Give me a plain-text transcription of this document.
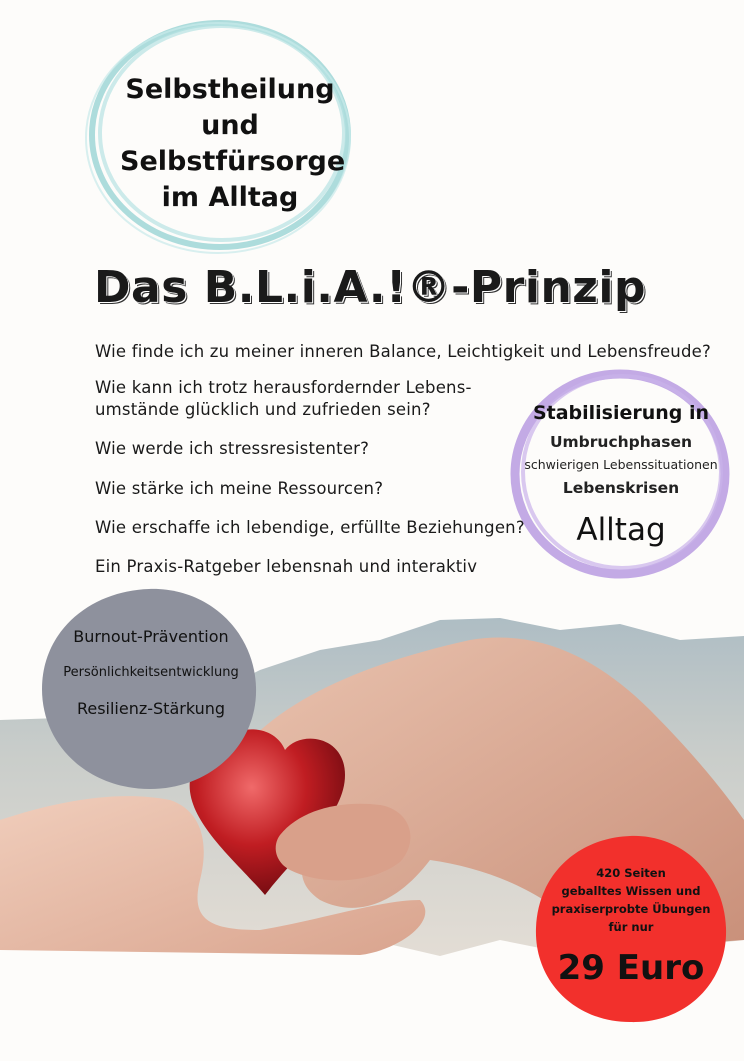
Selbstheilung
und
Selbstfürsorge
im Alltag
Das B.L.i.A.!®-Prinzip
Wie finde ich zu meiner inneren Balance, Leichtigkeit und Lebensfreude?
Wie kann ich trotz herausfordernder Lebens-
umstände glücklich und zufrieden sein?
Wie werde ich stressresistenter?
Wie stärke ich meine Ressourcen?
Wie erschaffe ich lebendige, erfüllte Beziehungen?
Ein Praxis-Ratgeber lebensnah und interaktiv
Stabilisierung in
Umbruchphasen
schwierigen Lebenssituationen
Lebenskrisen
Alltag
Burnout-Prävention
Persönlichkeitsentwicklung
Resilienz-Stärkung
420 Seiten
geballtes Wissen und
praxiserprobte Übungen
für nur
29 Euro
